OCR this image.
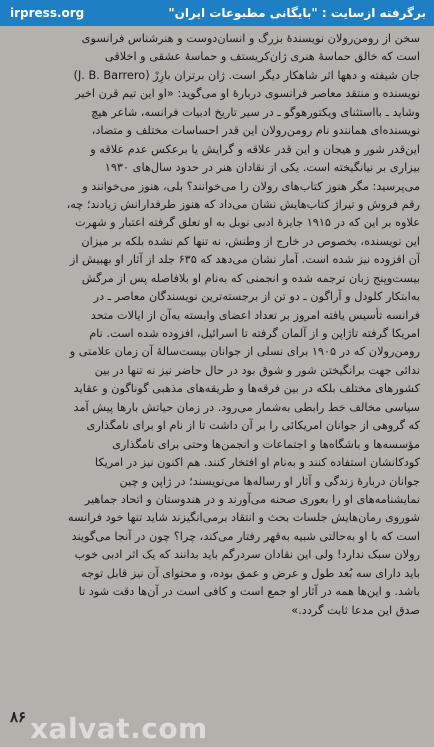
irpress.org	برگرفته ازسایت : "بایگانی مطبوعات ایران"
سخن از رومن‌رولان نویسندهٔ بزرگ و انسان‌دوست و هنرشناس فرانسوی
است که خالق حماسهٔ هنری ژان‌کریستف و حماسهٔ عشقی و اخلاقی
جان شیفته و دهها اثر شاهکار دیگر است. ژان برتران بارِرْ (J. B. Barrero)
نویسنده و منتقد معاصر فرانسوی دربارهٔ او می‌گوید: «او این تیم قرن اخیر
وشاید ـ بااستثنای ویکتورهوگو ـ در سیر تاریخ ادبیات فرانسه، شاعر هیچ
نویسنده‌ای همانندو نام رومن‌رولان این قدر احساسات مختلف و متضاد،
این‌قدر شور و هیجان و این قدر علاقه و گرایش یا برعکس عدم علاقه و
بیزاری بر نیانگیخته است. یکی از نقادان هنر در حدود سال‌های ۱۹۳۰
می‌پرسید: مگر هنوز کتاب‌های رولان را می‌خوانند؟ بلی، هنوز می‌خوانند و
رقم فروش و تیراژ کتاب‌هایش نشان می‌داد که هنوز طرفدارانش زیادند؛ چه،
علاوه بر این که در ۱۹۱۵ جایزهٔ ادبی نوبل به او تعلق گرفته اعتبار و شهرت
این نویسنده، بخصوص در خارج از وطنش، نه تنها کم نشده بلکه بر میزان
آن افزوده نیز شده است. آمار نشان می‌دهد که ۶۳۵ جلد از آثار او بهبیش از
بیست‌وپنج زبان ترجمه شده و انجمنی که به‌نام او بلافاصله پس از مرگش
به‌ابتکار کلودل و آراگون ـ دو تن از برجسته‌ترین نویسندگان معاصر ـ در
فرانسه تأسیس یافته امروز بر تعداد اعضای وابسته به‌آن از ایالات متحد
امریکا گرفته تاژاپن و از آلمان گرفته تا اسرائیل، افزوده شده است. نام
رومن‌رولان که در ۱۹۰۵ برای نسلی از جوانان بیست‌سالهٔ آن زمان علامتی و
ندائی جهت برانگیختن شور و شوق بود در حال حاضر نیز نه تنها در بین
کشورهای مختلف بلکه در بین فرقه‌ها و طریقه‌های مذهبی گوناگون و عقاید
سیاسی مخالف خط رابطی به‌شمار می‌رود. در زمان حیاتش بارها پیش آمد
که گروهی از جوانان امریکائی را بر آن داشت تا از نام او برای نامگذاری
مؤسسه‌ها و باشگاه‌ها و اجتماعات و انجمن‌ها وحتی برای نامگذاری
کودکانشان استفاده کنند و به‌نام او افتخار کنند. هم اکنون نیز در امریکا
جوانان دربارهٔ زندگی و آثار او رساله‌ها می‌نویسند؛ در ژاپن و چین
نمایشنامه‌های او را بعوری صحنه می‌آورند و در هندوستان و اتحاد جماهیر
شوروی رمان‌هایش جلسات بحث و انتقاد برمی‌انگیزند شاید تنها خود فرانسه
است که با او به‌حالتی شبیه به‌قهر رفتار می‌کند، چرا؟ چون در آنجا می‌گویند
رولان سبک ندارد! ولی این نقادان سردرگم باید بدانند که یک اثر ادبی خوب
باید دارای سه بُعد طول و عرض و عمق بوده، و محتوای آن نیز قابل توجه
باشد. و این‌ها همه در آثار او جمع است و کافی است در آن‌ها دقت شود تا
صدق این مدعا ثابت گردد.»
۸۶ xalvat.com
